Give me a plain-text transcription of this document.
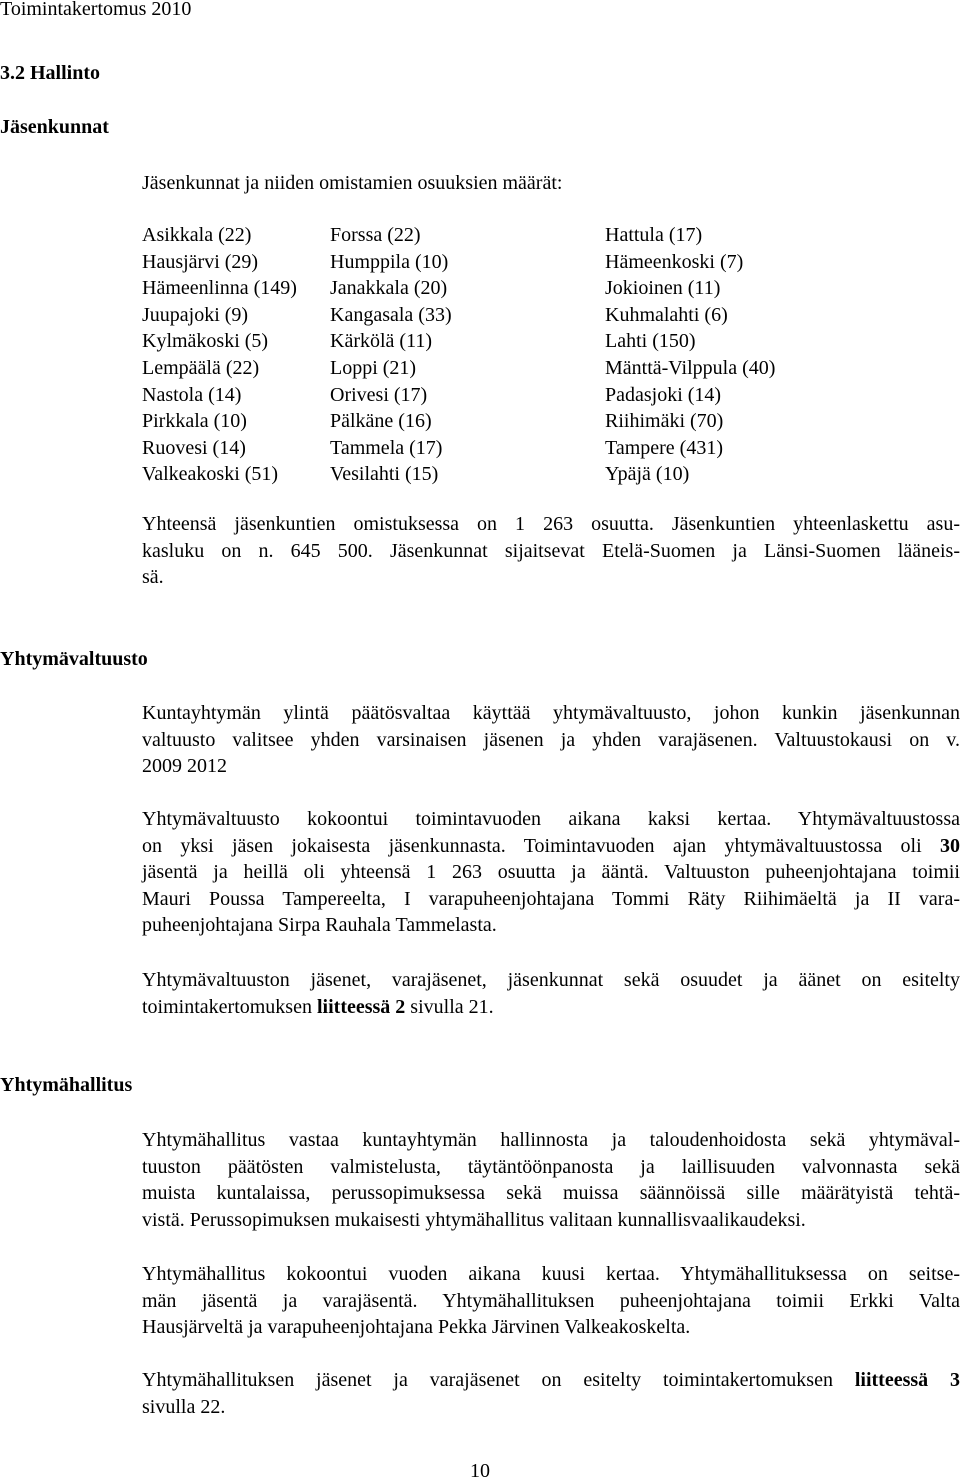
Toimintakertomus 2010
3.2 Hallinto
Jäsenkunnat
Jäsenkunnat ja niiden omistamien osuuksien määrät:
Asikkala (22)	Forssa (22)	Hattula (17)
Hausjärvi (29)	Humppila (10)	Hämeenkoski (7)
Hämeenlinna (149) Janakkala (20)	Jokioinen (11)
Juupajoki (9)	Kangasala (33)	Kuhmalahti (6)
Kylmäkoski (5)	Kärkölä (11)	Lahti (150)
Lempäälä (22)	Loppi (21)	Mänttä-Vilppula (40)
Nastola (14)	Orivesi (17)	Padasjoki (14)
Pirkkala (10)	Pälkäne (16)	Riihimäki (70)
Ruovesi (14)	Tammela (17)	Tampere (431)
Valkeakoski (51)	Vesilahti (15)	Ypäjä (10)
Yhteensä jäsenkuntien omistuksessa on 1 263 osuutta. Jäsenkuntien yhteenlaskettu asu-
kasluku on n. 645 500. Jäsenkunnat sijaitsevat Etelä-Suomen ja Länsi-Suomen lääneis-
sä.
Yhtymävaltuusto
Kuntayhtymän ylintä päätösvaltaa käyttää yhtymävaltuusto, johon kunkin jäsenkunnan
valtuusto valitsee yhden varsinaisen jäsenen ja yhden varajäsenen. Valtuustokausi on v.
2009 2012
Yhtymävaltuusto kokoontui toimintavuoden aikana kaksi kertaa. Yhtymävaltuustossa
on yksi jäsen jokaisesta jäsenkunnasta. Toimintavuoden ajan yhtymävaltuustossa oli 30
jäsentä ja heillä oli yhteensä 1 263 osuutta ja ääntä. Valtuuston puheenjohtajana toimii
Mauri Poussa Tampereelta, I varapuheenjohtajana Tommi Räty Riihimäeltä ja II vara-
puheenjohtajana Sirpa Rauhala Tammelasta.
Yhtymävaltuuston jäsenet, varajäsenet, jäsenkunnat sekä osuudet ja äänet on esitelty
toimintakertomuksen liitteessä 2 sivulla 21.
Yhtymähallitus
Yhtymähallitus vastaa kuntayhtymän hallinnosta ja taloudenhoidosta sekä yhtymäval-
tuuston päätösten valmistelusta, täytäntöönpanosta ja laillisuuden valvonnasta sekä
muista kuntalaissa, perussopimuksessa sekä muissa säännöissä sille määrätyistä tehtä-
vistä. Perussopimuksen mukaisesti yhtymähallitus valitaan kunnallisvaalikaudeksi.
Yhtymähallitus kokoontui vuoden aikana kuusi kertaa. Yhtymähallituksessa on seitse-
män jäsentä ja varajäsentä. Yhtymähallituksen puheenjohtajana toimii Erkki Valta
Hausjärveltä ja varapuheenjohtajana Pekka Järvinen Valkeakoskelta.
Yhtymähallituksen jäsenet ja varajäsenet on esitelty toimintakertomuksen liitteessä 3
sivulla 22.
10
